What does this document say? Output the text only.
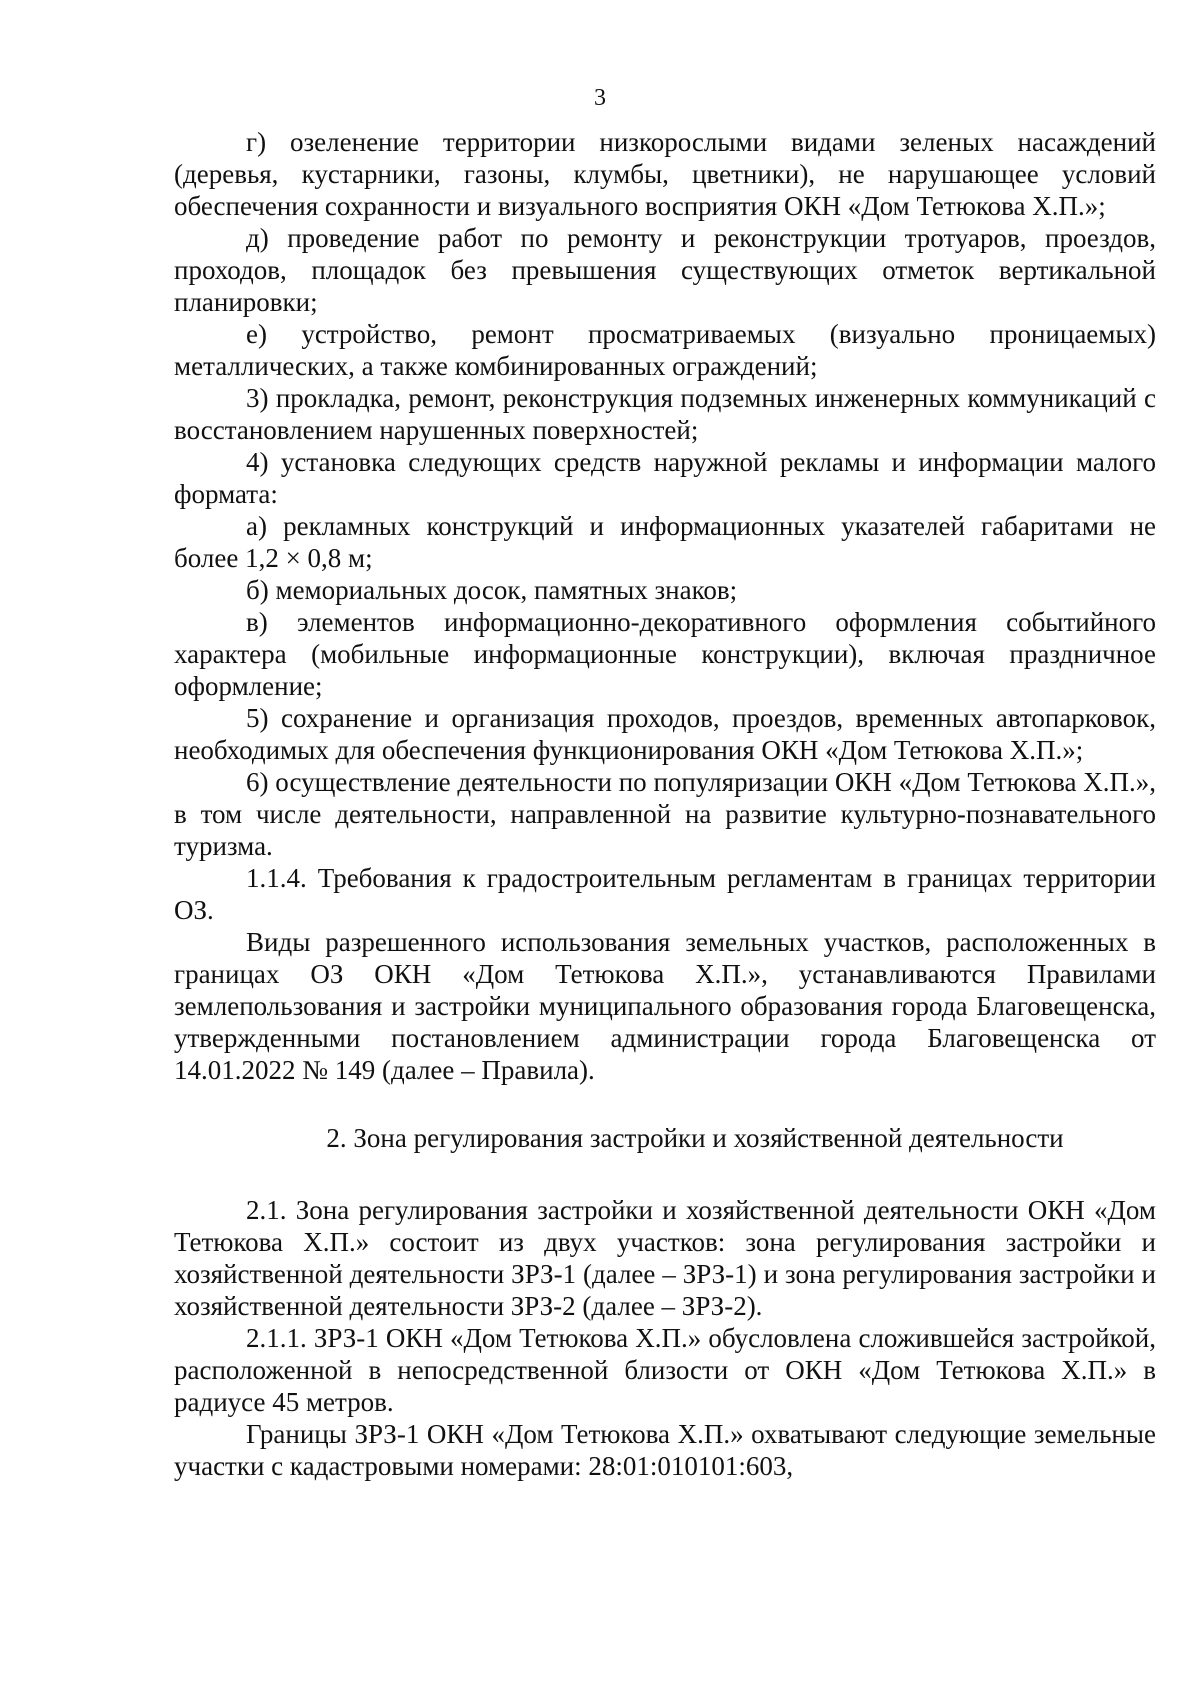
3

г) озеленение территории низкорослыми видами зеленых насаждений (деревья, кустарники, газоны, клумбы, цветники), не нарушающее условий обеспечения сохранности и визуального восприятия ОКН «Дом Тетюкова Х.П.»;

д) проведение работ по ремонту и реконструкции тротуаров, проездов, проходов, площадок без превышения существующих отметок вертикальной планировки;

е) устройство, ремонт просматриваемых (визуально проницаемых) металлических, а также комбинированных ограждений;

3) прокладка, ремонт, реконструкция подземных инженерных коммуникаций с восстановлением нарушенных поверхностей;

4) установка следующих средств наружной рекламы и информации малого формата:

а) рекламных конструкций и информационных указателей габаритами не более 1,2 × 0,8 м;

б) мемориальных досок, памятных знаков;

в) элементов информационно-декоративного оформления событийного характера (мобильные информационные конструкции), включая праздничное оформление;

5) сохранение и организация проходов, проездов, временных автопарковок, необходимых для обеспечения функционирования ОКН «Дом Тетюкова Х.П.»;

6) осуществление деятельности по популяризации ОКН «Дом Тетюкова Х.П.», в том числе деятельности, направленной на развитие культурно-познавательного туризма.

1.1.4. Требования к градостроительным регламентам в границах территории ОЗ.

Виды разрешенного использования земельных участков, расположенных в границах ОЗ ОКН «Дом Тетюкова Х.П.», устанавливаются Правилами землепользования и застройки муниципального образования города Благовещенска, утвержденными постановлением администрации города Благовещенска от 14.01.2022 № 149 (далее – Правила).

2. Зона регулирования застройки и хозяйственной деятельности

2.1. Зона регулирования застройки и хозяйственной деятельности ОКН «Дом Тетюкова Х.П.» состоит из двух участков: зона регулирования застройки и хозяйственной деятельности ЗРЗ-1 (далее – ЗРЗ-1) и зона регулирования застройки и хозяйственной деятельности ЗРЗ-2 (далее – ЗРЗ-2).

2.1.1. ЗРЗ-1 ОКН «Дом Тетюкова Х.П.» обусловлена сложившейся застройкой, расположенной в непосредственной близости от ОКН «Дом Тетюкова Х.П.» в радиусе 45 метров.

Границы ЗРЗ-1 ОКН «Дом Тетюкова Х.П.» охватывают следующие земельные участки с кадастровыми номерами: 28:01:010101:603,
